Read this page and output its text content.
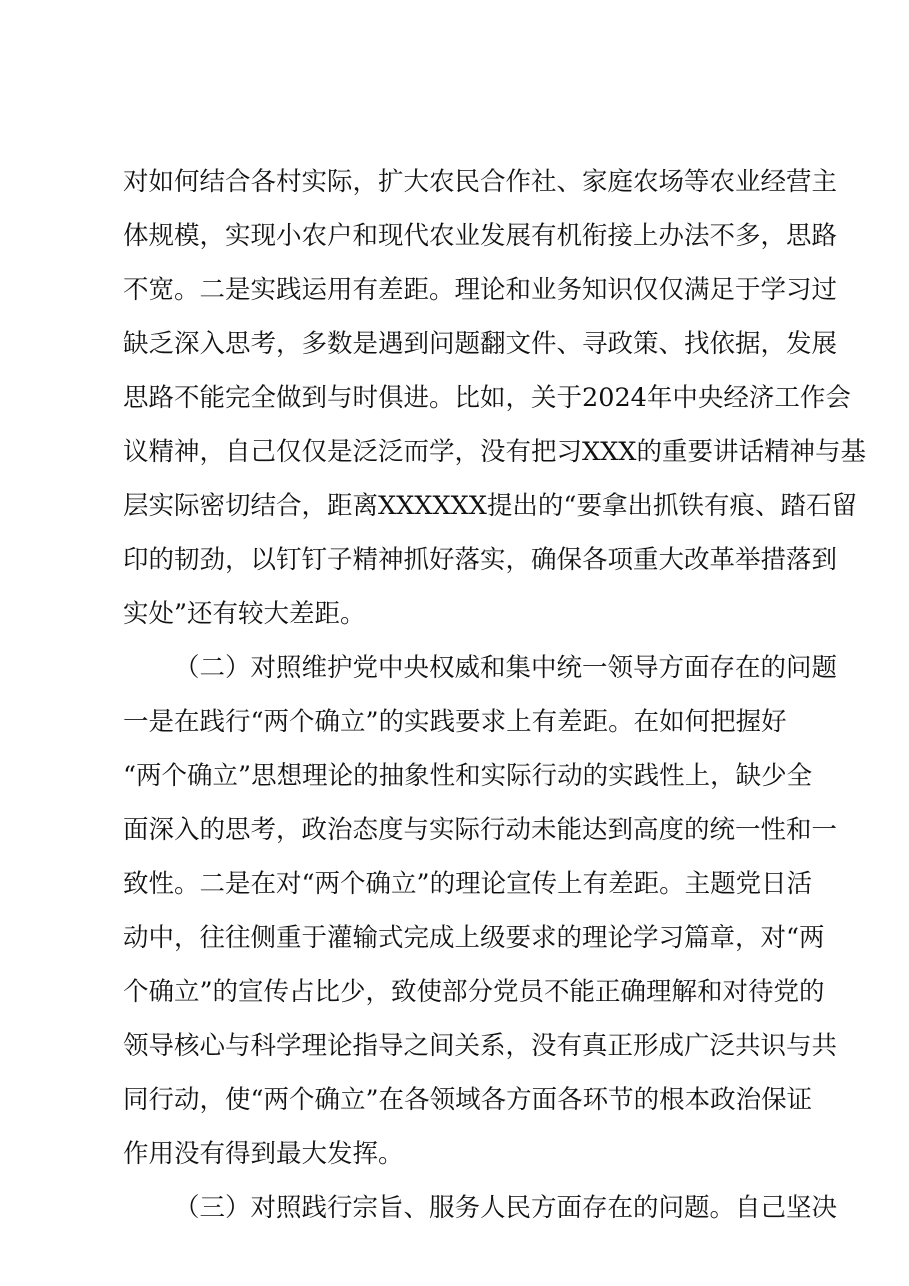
对如何结合各村实际，扩大农民合作社、家庭农场等农业经营主
体规模，实现小农户和现代农业发展有机衔接上办法不多，思路
不宽。二是实践运用有差距。理论和业务知识仅仅满足于学习过
缺乏深入思考，多数是遇到问题翻文件、寻政策、找依据，发展
思路不能完全做到与时俱进。比如，关于2024年中央经济工作会
议精神，自己仅仅是泛泛而学，没有把习XXX的重要讲话精神与基
层实际密切结合，距离XXXXXX提出的“要拿出抓铁有痕、踏石留
印的韧劲，以钉钉子精神抓好落实，确保各项重大改革举措落到
实处”还有较大差距。
（二）对照维护党中央权威和集中统一领导方面存在的问题
一是在践行“两个确立”的实践要求上有差距。在如何把握好
“两个确立”思想理论的抽象性和实际行动的实践性上，缺少全
面深入的思考，政治态度与实际行动未能达到高度的统一性和一
致性。二是在对“两个确立”的理论宣传上有差距。主题党日活
动中，往往侧重于灌输式完成上级要求的理论学习篇章，对“两
个确立”的宣传占比少，致使部分党员不能正确理解和对待党的
领导核心与科学理论指导之间关系，没有真正形成广泛共识与共
同行动，使“两个确立”在各领域各方面各环节的根本政治保证
作用没有得到最大发挥。
（三）对照践行宗旨、服务人民方面存在的问题。自己坚决
